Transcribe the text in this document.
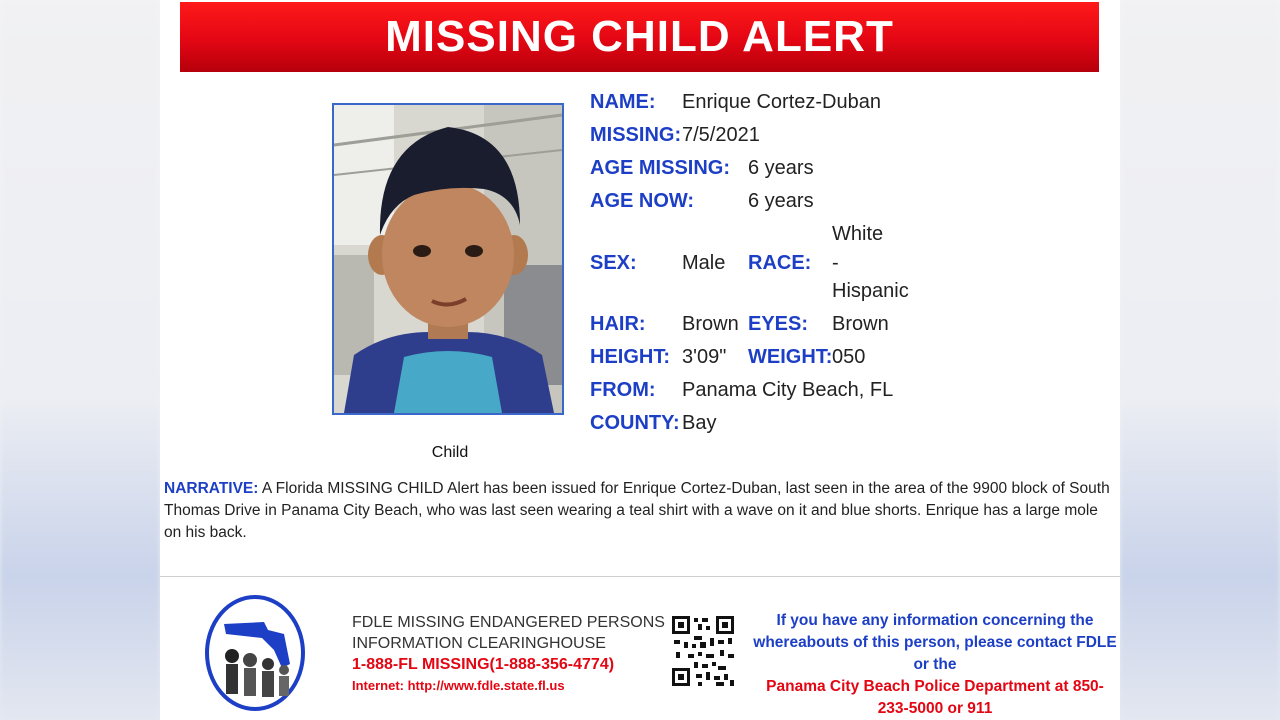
MISSING CHILD ALERT
Child
NAME: Enrique Cortez-Duban
MISSING: 7/5/2021
AGE MISSING: 6 years
AGE NOW:	6 years
White
SEX: Male RACE: -
Hispanic
HAIR: Brown EYES: Brown
HEIGHT: 3'09" WEIGHT: 050
FROM: Panama City Beach, FL
COUNTY: Bay
NARRATIVE: A Florida MISSING CHILD Alert has been issued for Enrique Cortez-Duban, last seen in the area of the 9900 block of South Thomas Drive in Panama City Beach, who was last seen wearing a teal shirt with a wave on it and blue shorts. Enrique has a large mole on his back.
FDLE MISSING ENDANGERED PERSONS
INFORMATION CLEARINGHOUSE
1-888-FL MISSING(1-888-356-4774)
Internet: http://www.fdle.state.fl.us
If you have any information concerning the
whereabouts of this person, please contact FDLE
or the
Panama City Beach Police Department at 850-
233-5000 or 911
